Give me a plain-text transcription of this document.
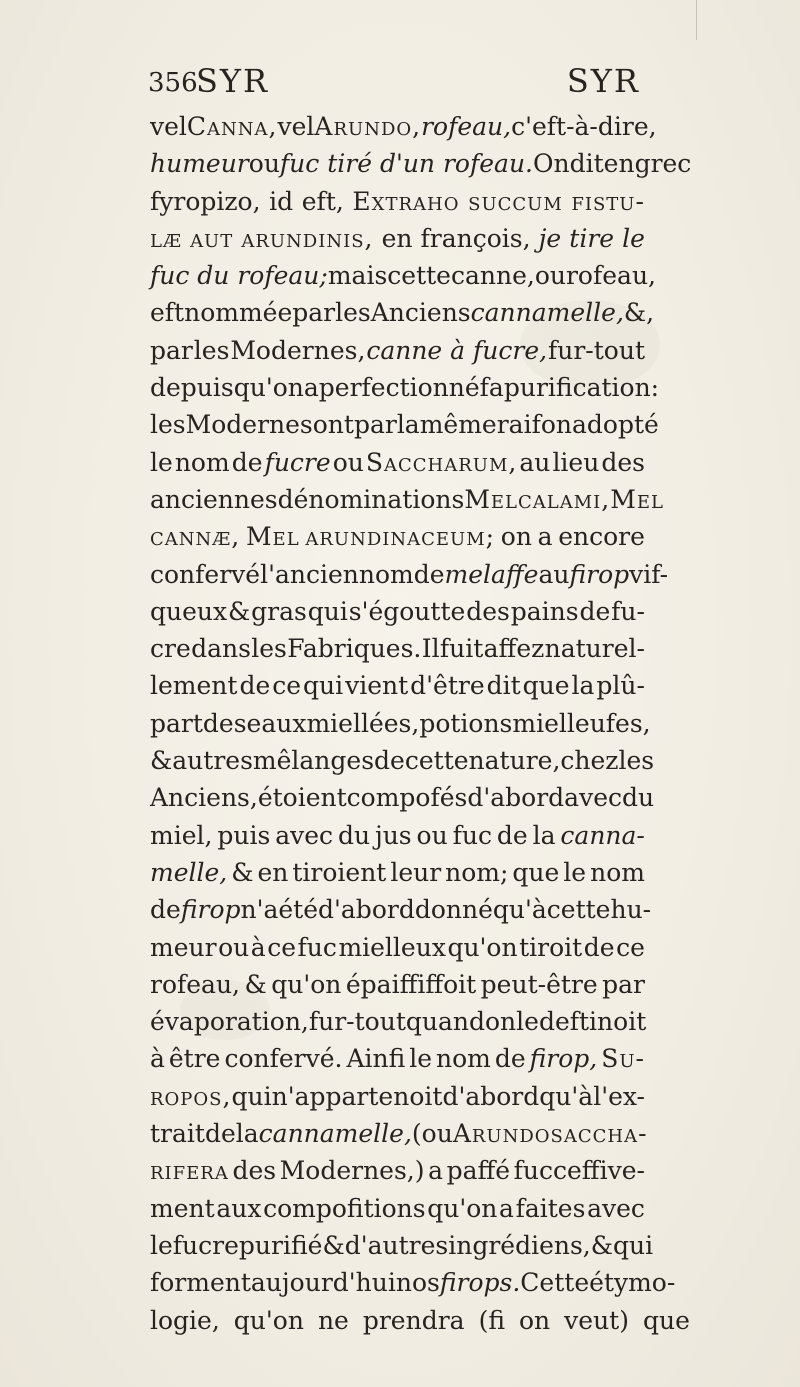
356
SYR	SYR
vel Canna, vel Arundo, rofeau, c'eft-à-dire,
humeur ou fuc tiré d'un rofeau. On dit en grec
fyropizo, id eft, Extraho succum fistu-
læ aut arundinis, en françois, je tire le
fuc du rofeau; mais cette canne, ou rofeau,
eft nommée par les Anciens cannamelle, &,
par les Modernes, canne à fucre, fur-tout
depuis qu'on a perfectionné fa purification:
les Modernes ont par la même raifon adopté
le nom de fucre ou Saccharum, au lieu des
anciennes dénominations Mel calami, Mel
cannæ, Mel arundinaceum; on a encore
confervé l'ancien nom de melaffe au firop vif-
queux & gras qui s'égoutte des pains de fu-
cre dans les Fabriques. Il fuit affez naturel-
lement de ce qui vient d'être dit que la plû-
part des eaux miellées, potions mielleufes,
& autres mêlanges de cette nature, chez les
Anciens, étoient compofés d'abord avec du
miel, puis avec du jus ou fuc de la canna-
melle, & en tiroient leur nom; que le nom
de firop n'a été d'abord donné qu'à cette hu-
meur ou à ce fuc mielleux qu'on tiroit de ce
rofeau, & qu'on épaiffiffoit peut-être par
évaporation, fur-tout quand on le deftinoit
à être confervé. Ainfi le nom de firop, Su-
ropos, qui n'appartenoit d'abord qu'à l'ex-
trait de la cannamelle, (ou Arundo saccha-
rifera des Modernes,) a paffé fucceffive-
ment aux compofitions qu'on a faites avec
le fucre purifié & d'autres ingrédiens, & qui
forment aujourd'hui nos firops. Cette étymo-
logie, qu'on ne prendra (fi on veut) que
